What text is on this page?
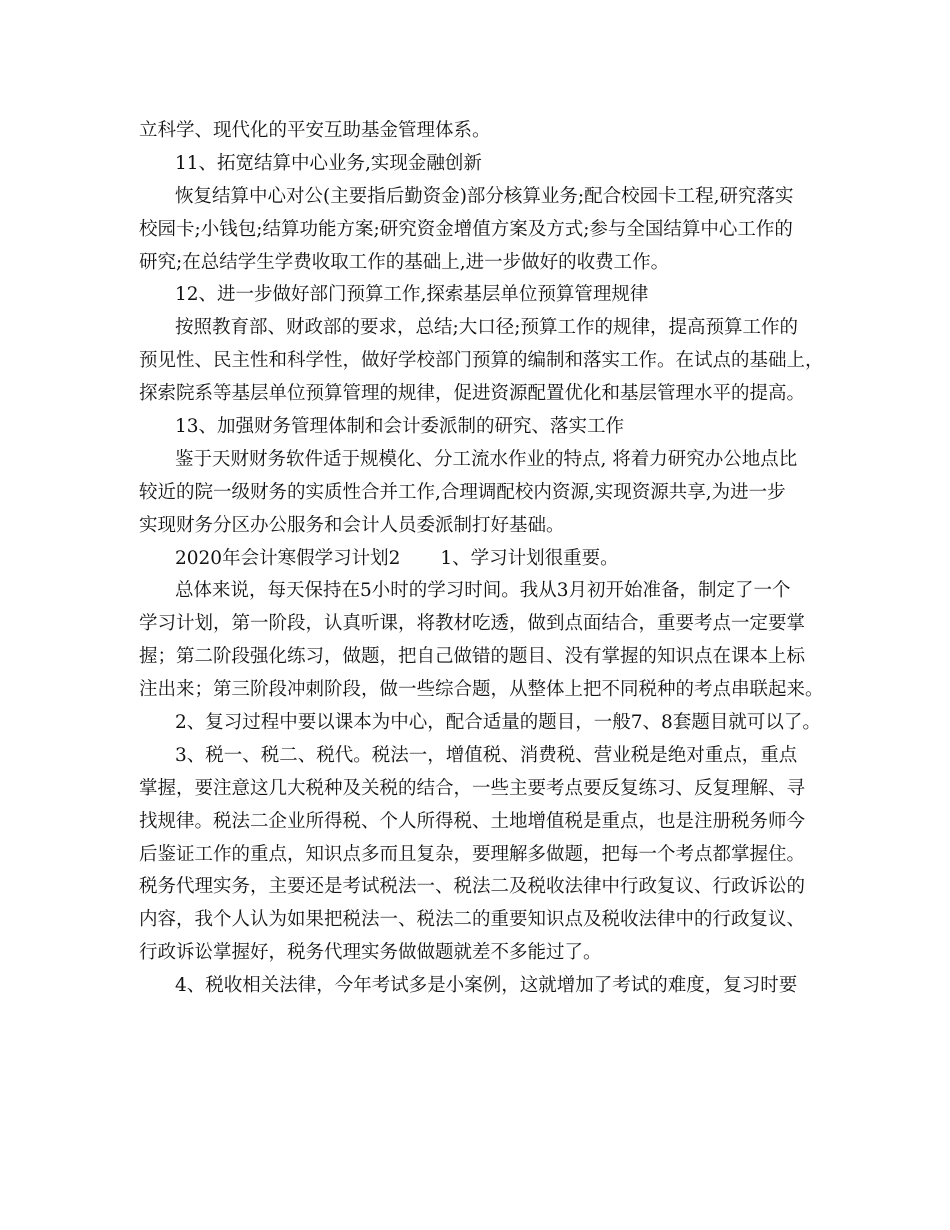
立科学、现代化的平安互助基金管理体系。
11、拓宽结算中心业务,实现金融创新
恢复结算中心对公(主要指后勤资金)部分核算业务;配合校园卡工程,研究落实
校园卡;小钱包;结算功能方案;研究资金增值方案及方式;参与全国结算中心工作的
研究;在总结学生学费收取工作的基础上,进一步做好的收费工作。
12、进一步做好部门预算工作,探索基层单位预算管理规律
按照教育部、财政部的要求，总结;大口径;预算工作的规律，提高预算工作的
预见性、民主性和科学性，做好学校部门预算的编制和落实工作。在试点的基础上，
探索院系等基层单位预算管理的规律，促进资源配置优化和基层管理水平的提高。
13、加强财务管理体制和会计委派制的研究、落实工作
鉴于天财财务软件适于规模化、分工流水作业的特点, 将着力研究办公地点比
较近的院一级财务的实质性合并工作,合理调配校内资源,实现资源共享,为进一步
实现财务分区办公服务和会计人员委派制打好基础。
2020年会计寒假学习计划2 1、学习计划很重要。
总体来说，每天保持在5小时的学习时间。我从3月初开始准备，制定了一个
学习计划，第一阶段，认真听课，将教材吃透，做到点面结合，重要考点一定要掌
握；第二阶段强化练习，做题，把自己做错的题目、没有掌握的知识点在课本上标
注出来；第三阶段冲刺阶段，做一些综合题，从整体上把不同税种的考点串联起来。
2、复习过程中要以课本为中心，配合适量的题目，一般7、8套题目就可以了。
3、税一、税二、税代。税法一，增值税、消费税、营业税是绝对重点，重点
掌握，要注意这几大税种及关税的结合，一些主要考点要反复练习、反复理解、寻
找规律。税法二企业所得税、个人所得税、土地增值税是重点，也是注册税务师今
后鉴证工作的重点，知识点多而且复杂，要理解多做题，把每一个考点都掌握住。
税务代理实务，主要还是考试税法一、税法二及税收法律中行政复议、行政诉讼的
内容，我个人认为如果把税法一、税法二的重要知识点及税收法律中的行政复议、
行政诉讼掌握好，税务代理实务做做题就差不多能过了。
4、税收相关法律，今年考试多是小案例，这就增加了考试的难度，复习时要
